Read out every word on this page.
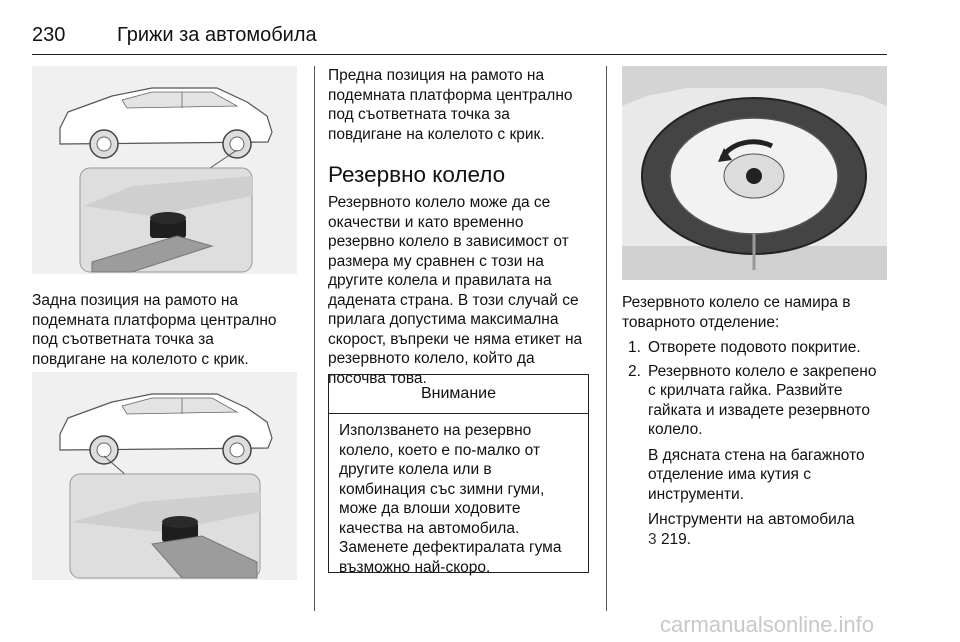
230	Грижи за автомобила
Задна позиция на рамото на
подемната платформа централно
под съответната точка за
повдигане на колелото с крик.
Предна позиция на рамото на
подемната платформа централно
под съответната точка за
повдигане на колелото с крик.
Резервно колело
Резервното колело може да се
окачестви и като временно
резервно колело в зависимост от
размера му сравнен с този на
другите колела и правилата на
дадената страна. В този случай се
прилага допустима максимална
скорост, въпреки че няма етикет на
резервното колело, който да
посочва това.
Внимание
Използването на резервно
колело, което е по-малко от
другите колела или в
комбинация със зимни гуми,
може да влоши ходовите
качества на автомобила.
Заменете дефектиралата гума
възможно най-скоро.
Резервното колело се намира в
товарното отделение:
1. Отворете подовото покритие.
2. Резервното колело е закрепено
с крилчата гайка. Развийте
гайката и извадете резервното
колело.

В дясната стена на багажното
отделение има кутия с
инструменти.

Инструменти на автомобила
3 219.

carmanualsonline.info
